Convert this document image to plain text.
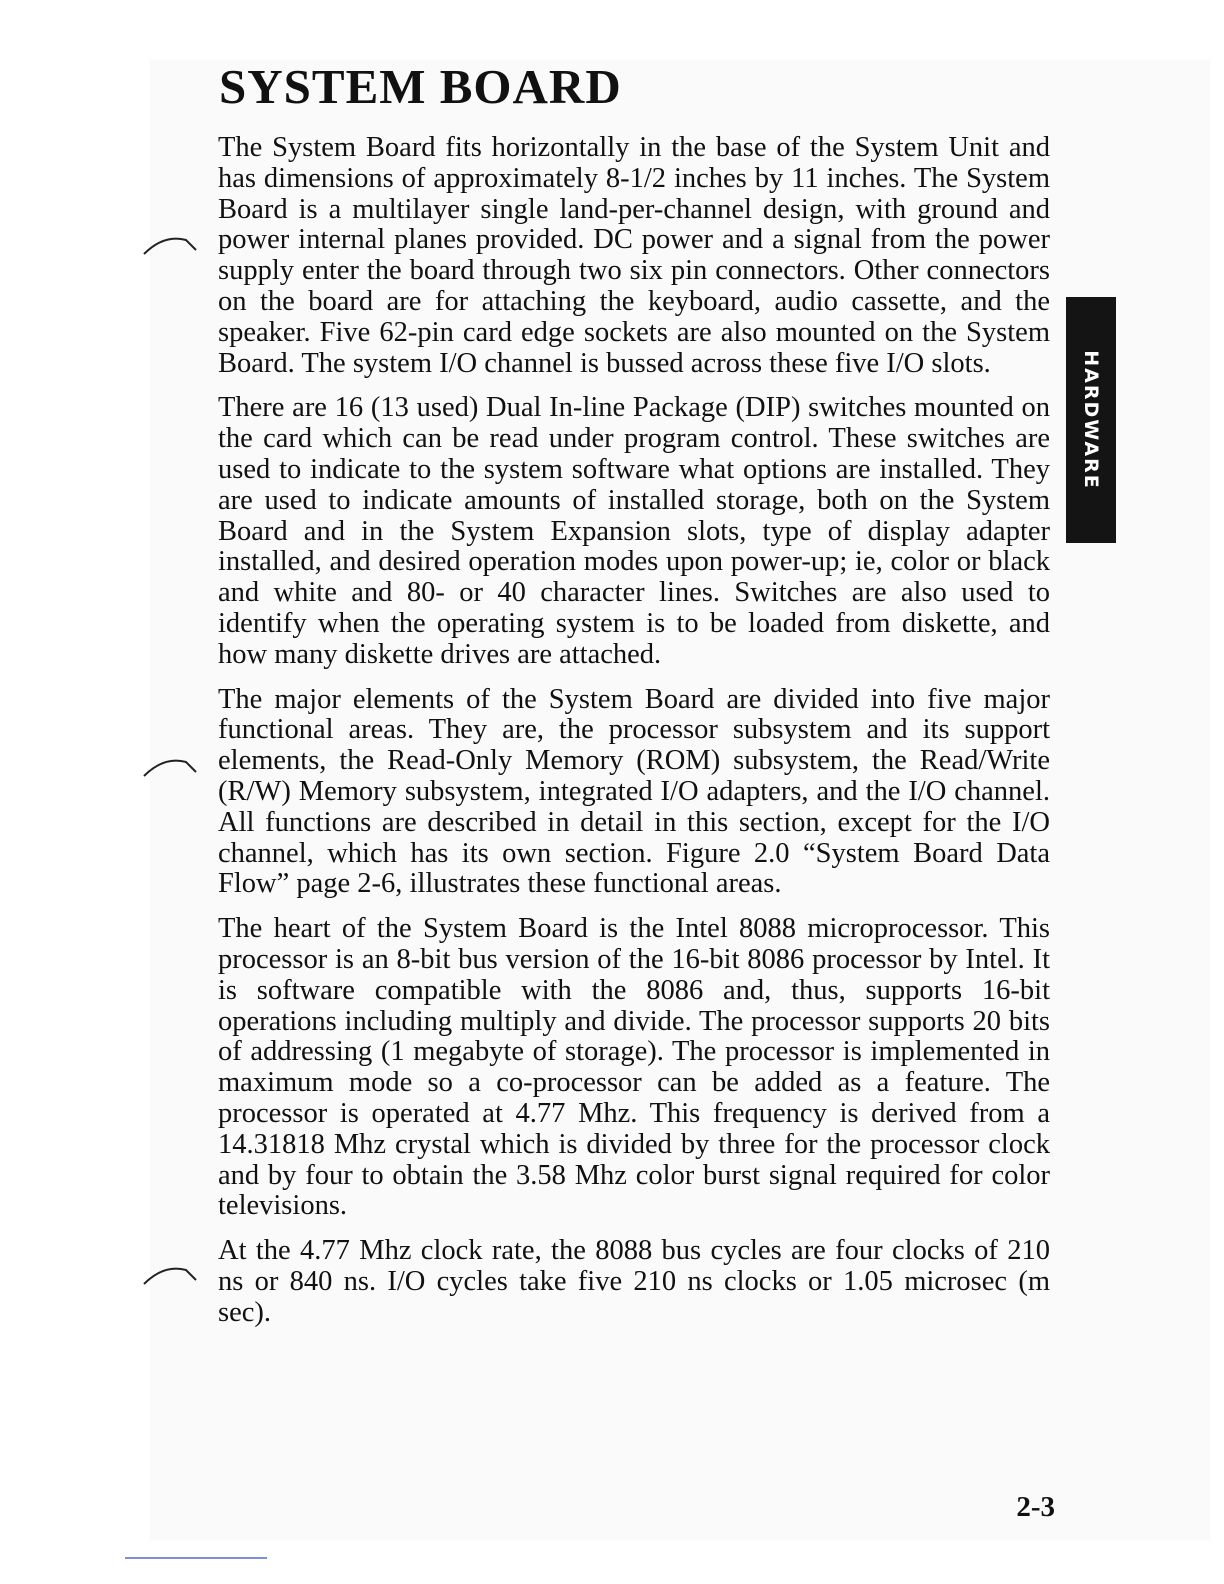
SYSTEM BOARD

The System Board fits horizontally in the base of the System Unit and has dimensions of approximately 8-1/2 inches by 11 inches. The System Board is a multilayer single land-per-channel design, with ground and power internal planes provided. DC power and a signal from the power supply enter the board through two six pin connectors. Other connectors on the board are for attaching the keyboard, audio cassette, and the speaker. Five 62-pin card edge sockets are also mounted on the System Board. The system I/O channel is bussed across these five I/O slots.

There are 16 (13 used) Dual In-line Package (DIP) switches mounted on the card which can be read under program control. These switches are used to indicate to the system software what options are installed. They are used to indicate amounts of installed storage, both on the System Board and in the System Expansion slots, type of display adapter installed, and desired operation modes upon power-up; ie, color or black and white and 80- or 40 character lines. Switches are also used to identify when the operating system is to be loaded from diskette, and how many diskette drives are attached.

The major elements of the System Board are divided into five major functional areas. They are, the processor subsystem and its support elements, the Read-Only Memory (ROM) subsystem, the Read/Write (R/W) Memory subsystem, integrated I/O adapters, and the I/O channel. All functions are described in detail in this section, except for the I/O channel, which has its own section. Figure 2.0 “System Board Data Flow” page 2-6, illustrates these functional areas.

The heart of the System Board is the Intel 8088 microprocessor. This processor is an 8-bit bus version of the 16-bit 8086 processor by Intel. It is software compatible with the 8086 and, thus, supports 16-bit operations including multiply and divide. The processor supports 20 bits of addressing (1 megabyte of storage). The processor is implemented in maximum mode so a co-processor can be added as a feature. The processor is operated at 4.77 Mhz. This frequency is derived from a 14.31818 Mhz crystal which is divided by three for the processor clock and by four to obtain the 3.58 Mhz color burst signal required for color televisions.

At the 4.77 Mhz clock rate, the 8088 bus cycles are four clocks of 210 ns or 840 ns. I/O cycles take five 210 ns clocks or 1.05 microsec (m sec).

HARDWARE
2-3
